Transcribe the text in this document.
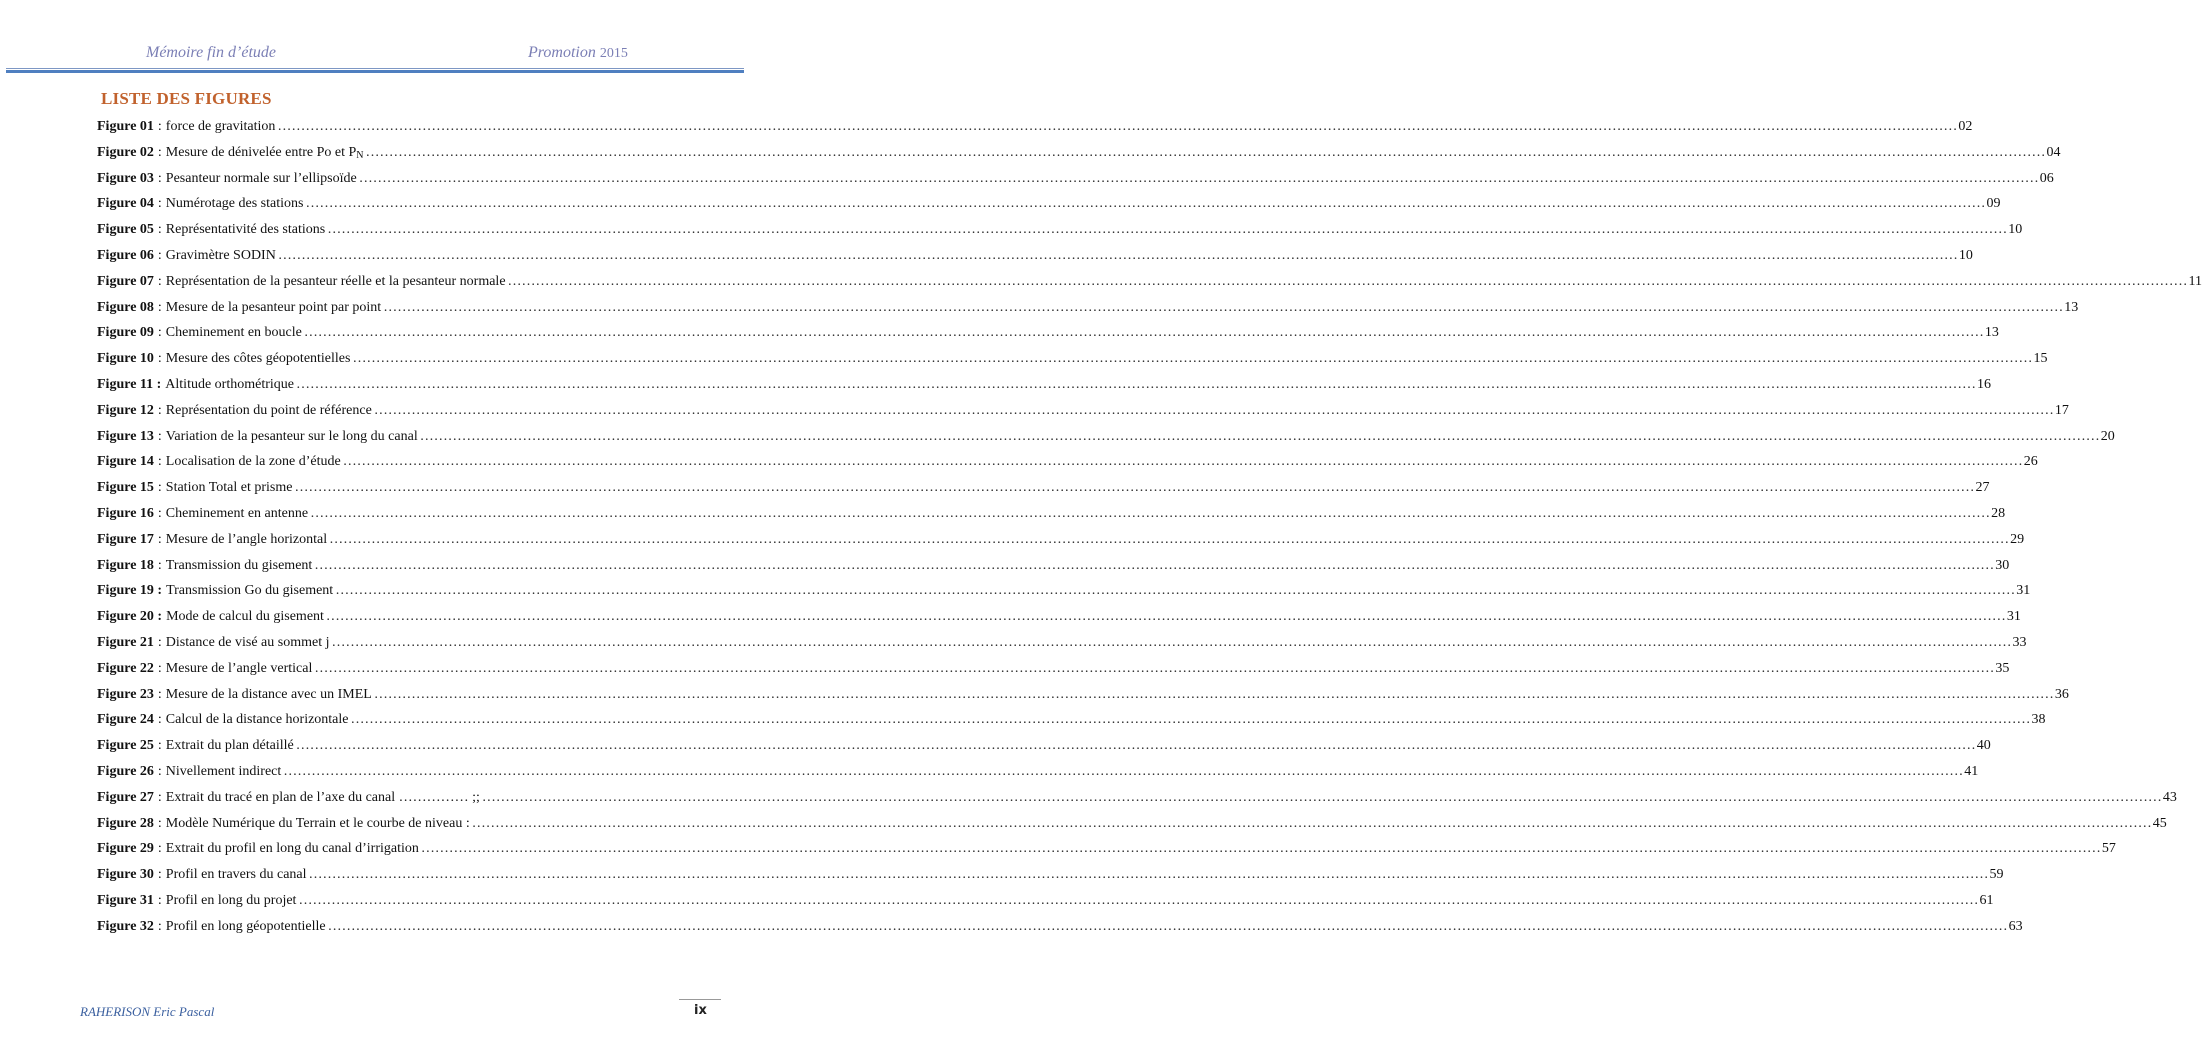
Mémoire fin d’étude	Promotion 2015
LISTE DES FIGURES
Figure 01 : force de gravitation ……………………………………………………………………………………………………………………………………………………………………………………………………………………………………………………………………………………………………………………………… 02
Figure 02 : Mesure de dénivelée entre Po et P N ……………………………………………………………………………………………………………………………………………………………………………………………………………………………………………………………………………………………………………………………… 04
Figure 03 : Pesanteur normale sur l’ellipsoïde ……………………………………………………………………………………………………………………………………………………………………………………………………………………………………………………………………………………………………………………………… 06
Figure 04 : Numérotage des stations ……………………………………………………………………………………………………………………………………………………………………………………………………………………………………………………………………………………………………………………………… 09
Figure 05 : Représentativité des stations ……………………………………………………………………………………………………………………………………………………………………………………………………………………………………………………………………………………………………………………………… 10
Figure 06 : Gravimètre SODIN ……………………………………………………………………………………………………………………………………………………………………………………………………………………………………………………………………………………………………………………………… 10
Figure 07 : Représentation de la pesanteur réelle et la pesanteur normale ……………………………………………………………………………………………………………………………………………………………………………………………………………………………………………………………………………………………………………………………… 11
Figure 08 : Mesure de la pesanteur point par point ……………………………………………………………………………………………………………………………………………………………………………………………………………………………………………………………………………………………………………………………… 13
Figure 09 : Cheminement en boucle ……………………………………………………………………………………………………………………………………………………………………………………………………………………………………………………………………………………………………………………………… 13
Figure 10 : Mesure des côtes géopotentielles ……………………………………………………………………………………………………………………………………………………………………………………………………………………………………………………………………………………………………………………………… 15
Figure 11 : Altitude orthométrique ……………………………………………………………………………………………………………………………………………………………………………………………………………………………………………………………………………………………………………………………… 16
Figure 12 : Représentation du point de référence ……………………………………………………………………………………………………………………………………………………………………………………………………………………………………………………………………………………………………………………………… 17
Figure 13 : Variation de la pesanteur sur le long du canal ……………………………………………………………………………………………………………………………………………………………………………………………………………………………………………………………………………………………………………………………… 20
Figure 14 : Localisation de la zone d’étude ……………………………………………………………………………………………………………………………………………………………………………………………………………………………………………………………………………………………………………………………… 26
Figure 15 : Station Total et prisme ……………………………………………………………………………………………………………………………………………………………………………………………………………………………………………………………………………………………………………………………… 27
Figure 16 : Cheminement en antenne ……………………………………………………………………………………………………………………………………………………………………………………………………………………………………………………………………………………………………………………………… 28
Figure 17 : Mesure de l’angle horizontal ……………………………………………………………………………………………………………………………………………………………………………………………………………………………………………………………………………………………………………………………… 29
Figure 18 : Transmission du gisement ……………………………………………………………………………………………………………………………………………………………………………………………………………………………………………………………………………………………………………………………… 30
Figure 19 : Transmission Go du gisement ……………………………………………………………………………………………………………………………………………………………………………………………………………………………………………………………………………………………………………………………… 31
Figure 20 : Mode de calcul du gisement ……………………………………………………………………………………………………………………………………………………………………………………………………………………………………………………………………………………………………………………………… 31
Figure 21 : Distance de visé au sommet j ……………………………………………………………………………………………………………………………………………………………………………………………………………………………………………………………………………………………………………………………… 33
Figure 22 : Mesure de l’angle vertical ……………………………………………………………………………………………………………………………………………………………………………………………………………………………………………………………………………………………………………………………… 35
Figure 23 : Mesure de la distance avec un IMEL ……………………………………………………………………………………………………………………………………………………………………………………………………………………………………………………………………………………………………………………………… 36
Figure 24 : Calcul de la distance horizontale ……………………………………………………………………………………………………………………………………………………………………………………………………………………………………………………………………………………………………………………………… 38
Figure 25 : Extrait du plan détaillé ……………………………………………………………………………………………………………………………………………………………………………………………………………………………………………………………………………………………………………………………… 40
Figure 26 : Nivellement indirect ……………………………………………………………………………………………………………………………………………………………………………………………………………………………………………………………………………………………………………………………… 41
Figure 27 : Extrait du tracé en plan de l’axe du canal …………… ;; ……………………………………………………………………………………………………………………………………………………………………………………………………………………………………………………………………………………………………………………………… 43
Figure 28 : Modèle Numérique du Terrain et le courbe de niveau : ……………………………………………………………………………………………………………………………………………………………………………………………………………………………………………………………………………………………………………………………… 45
Figure 29 : Extrait du profil en long du canal d’irrigation ……………………………………………………………………………………………………………………………………………………………………………………………………………………………………………………………………………………………………………………………… 57
Figure 30 : Profil en travers du canal ……………………………………………………………………………………………………………………………………………………………………………………………………………………………………………………………………………………………………………………………… 59
Figure 31 : Profil en long du projet ……………………………………………………………………………………………………………………………………………………………………………………………………………………………………………………………………………………………………………………………… 61
Figure 32 : Profil en long géopotentielle ……………………………………………………………………………………………………………………………………………………………………………………………………………………………………………………………………………………………………………………………… 63
RAHERISON Eric Pascal	ix
